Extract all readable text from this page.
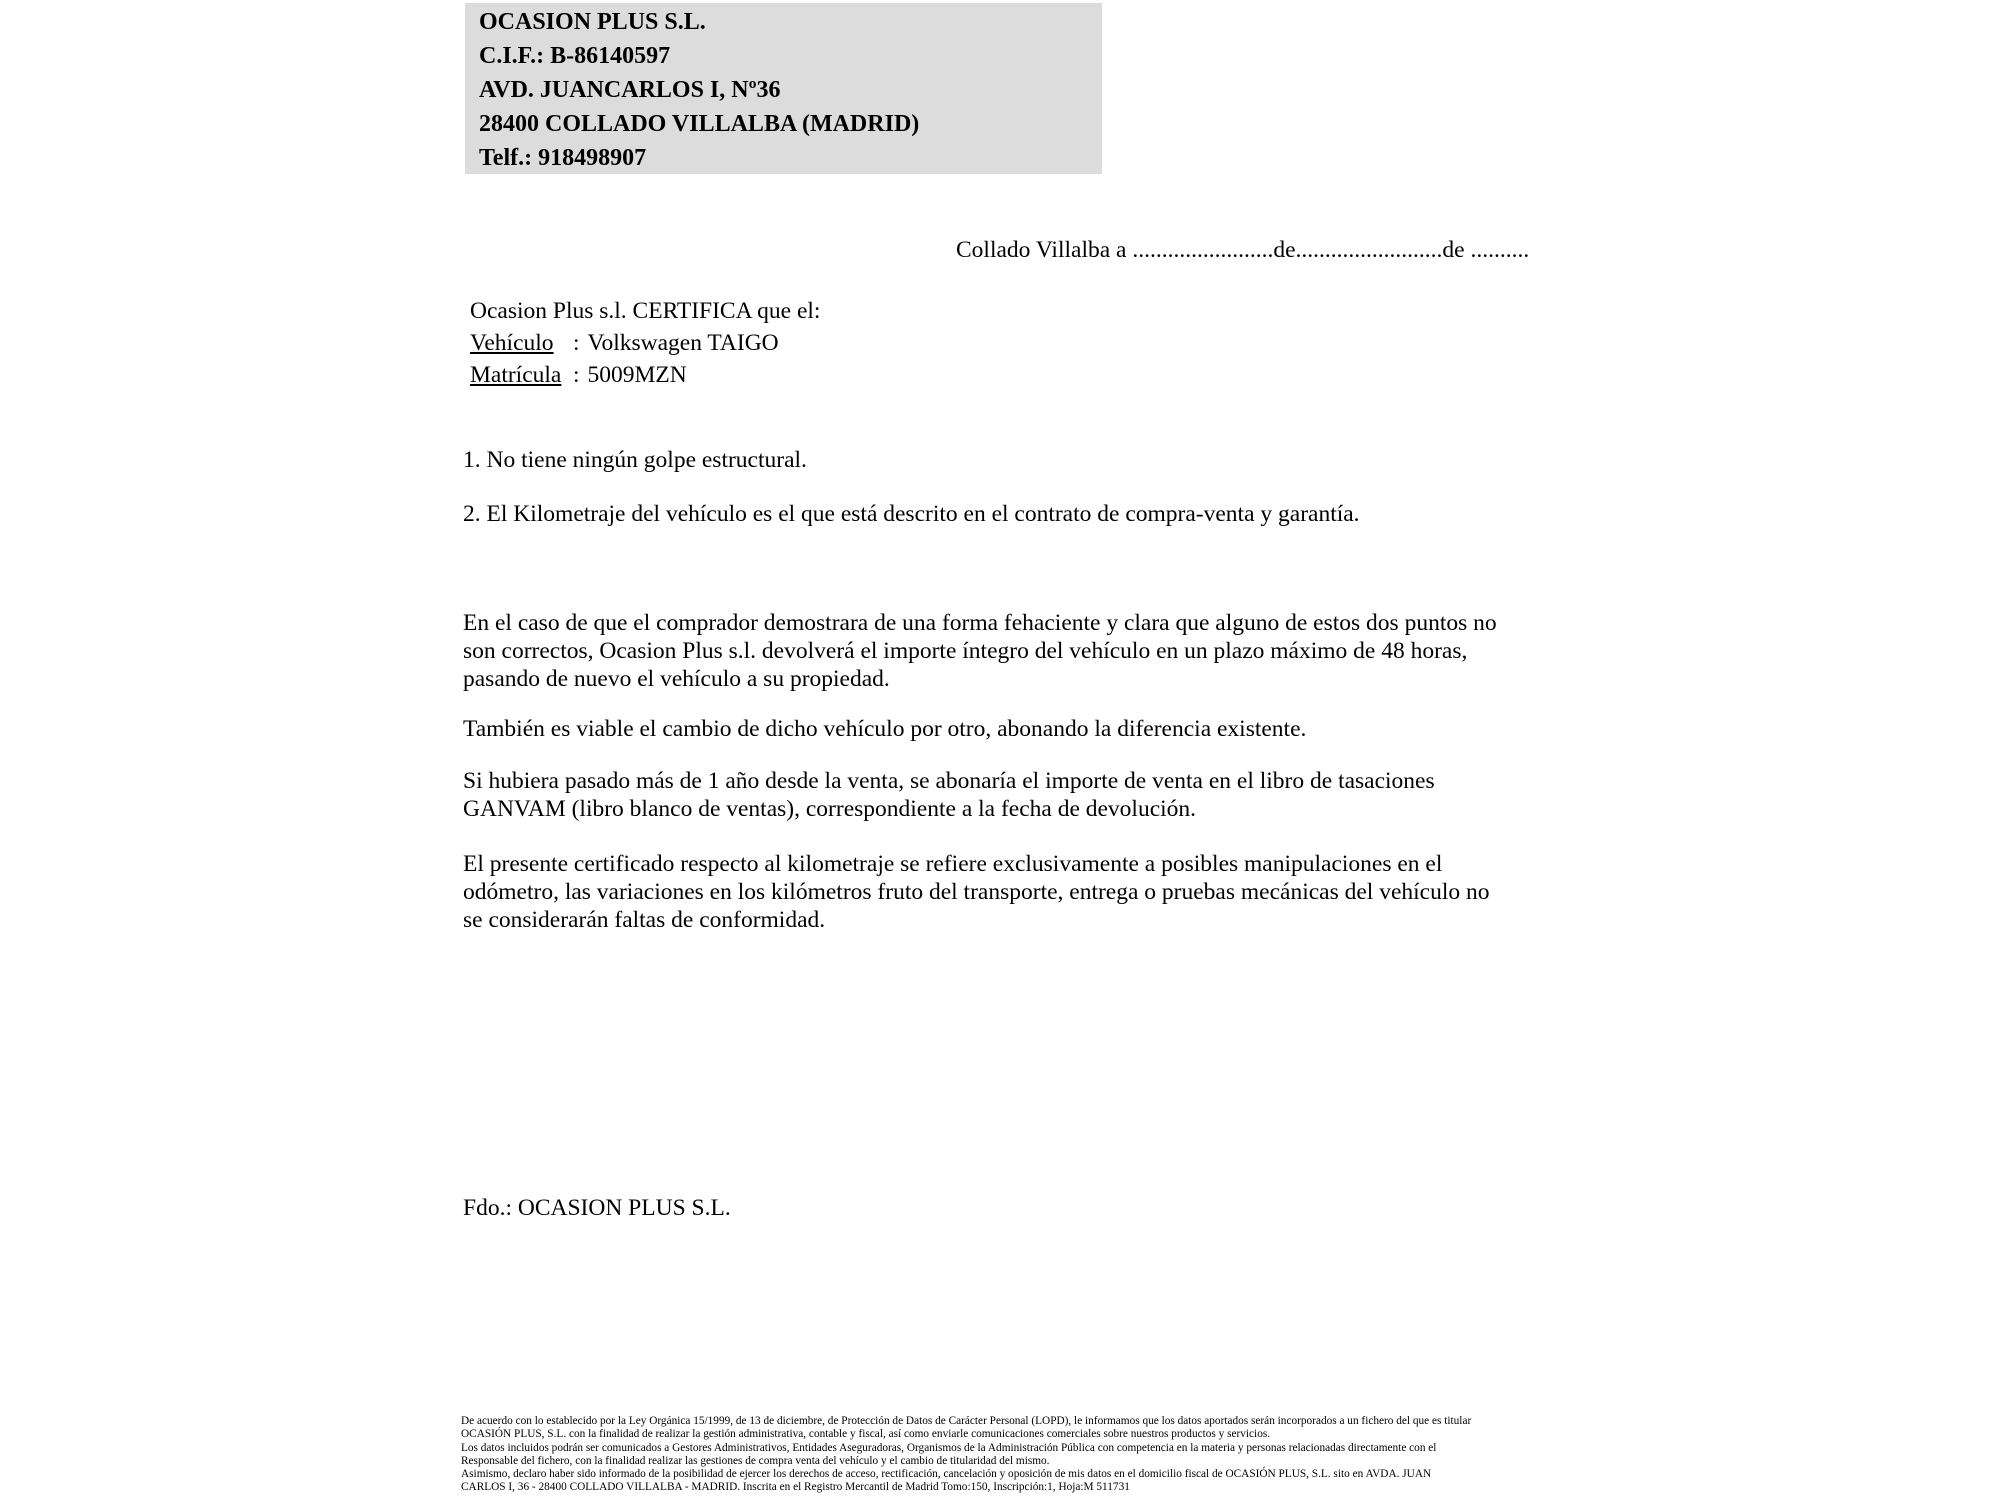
OCASION PLUS S.L.
C.I.F.: B-86140597
AVD. JUANCARLOS I, Nº36
28400 COLLADO VILLALBA (MADRID)
Telf.: 918498907
Collado Villalba a ........................de.........................de ..........
Ocasion Plus s.l. CERTIFICA que el:
Vehículo : Volkswagen TAIGO
Matrícula : 5009MZN
1. No tiene ningún golpe estructural.
2. El Kilometraje del vehículo es el que está descrito en el contrato de compra-venta y garantía.
En el caso de que el comprador demostrara de una forma fehaciente y clara que alguno de estos dos puntos no
son correctos, Ocasion Plus s.l. devolverá el importe íntegro del vehículo en un plazo máximo de 48 horas,
pasando de nuevo el vehículo a su propiedad.
También es viable el cambio de dicho vehículo por otro, abonando la diferencia existente.
Si hubiera pasado más de 1 año desde la venta, se abonaría el importe de venta en el libro de tasaciones
GANVAM (libro blanco de ventas), correspondiente a la fecha de devolución.
El presente certificado respecto al kilometraje se refiere exclusivamente a posibles manipulaciones en el
odómetro, las variaciones en los kilómetros fruto del transporte, entrega o pruebas mecánicas del vehículo no
se considerarán faltas de conformidad.
Fdo.: OCASION PLUS S.L.
De acuerdo con lo establecido por la Ley Orgánica 15/1999, de 13 de diciembre, de Protección de Datos de Carácter Personal (LOPD), le informamos que los datos aportados serán incorporados a un fichero del que es titular
OCASIÓN PLUS, S.L. con la finalidad de realizar la gestión administrativa, contable y fiscal, así como enviarle comunicaciones comerciales sobre nuestros productos y servicios.
Los datos incluidos podrán ser comunicados a Gestores Administrativos, Entidades Aseguradoras, Organismos de la Administración Pública con competencia en la materia y personas relacionadas directamente con el
Responsable del fichero, con la finalidad realizar las gestiones de compra venta del vehículo y el cambio de titularidad del mismo.
Asimismo, declaro haber sido informado de la posibilidad de ejercer los derechos de acceso, rectificación, cancelación y oposición de mis datos en el domicilio fiscal de OCASIÓN PLUS, S.L. sito en AVDA. JUAN
CARLOS I, 36 - 28400 COLLADO VILLALBA - MADRID. Inscrita en el Registro Mercantil de Madrid Tomo:150, Inscripción:1, Hoja:M 511731
